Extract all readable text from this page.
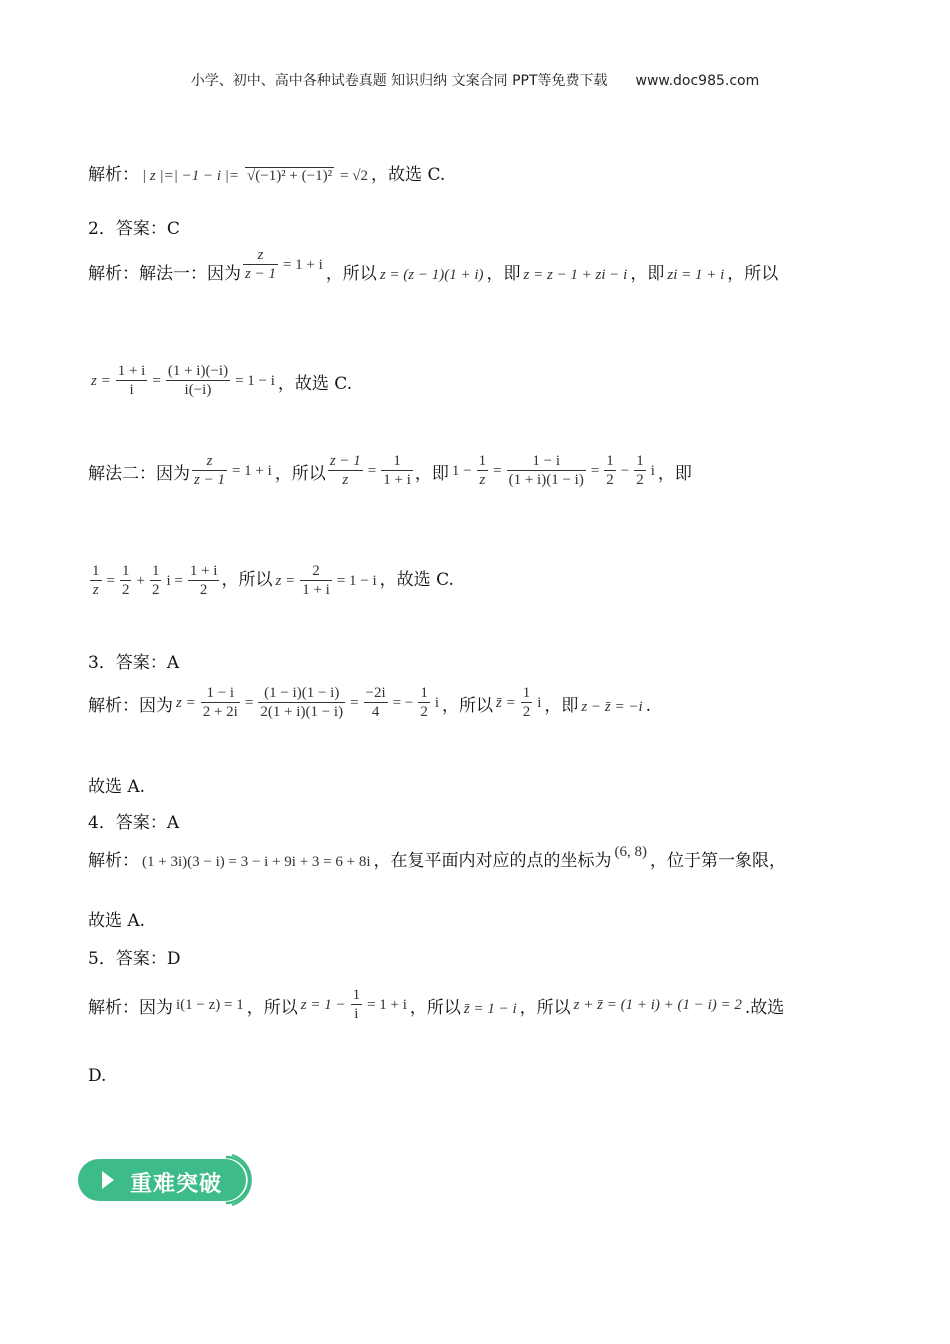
小学、初中、高中各种试卷真题 知识归纳 文案合同 PPT等免费下载 www.doc985.com
解析： | z |=| −1 − i |= √(−1)² + (−1)² = √2 ，故选 C.
2．答案：C
解析：解法一：因为 $\frac{z}{z - 1} = 1 + i$ ，所以 z = (z − 1)(1 + i) ，即 z = z − 1 + zi − i ，即 zi = 1 + i ，所以
$z = \frac{1 + i}{i} = \frac{(1 + i)(-i)}{i(-i)} = 1 - i$ ，故选 C.
解法二：因为 $\frac{z}{z - 1} = 1 + i$ ，所以 $\frac{z - 1}{z} = \frac{1}{1 + i}$ ，即 $1 - \frac{1}{z} = \frac{1 - i}{(1 + i)(1 - i)} = \frac{1}{2} - \frac{1}{2}$ i ，即
$\frac{1}{z} = \frac{1}{2} + \frac{1}{2}$ $i = \frac{1 + i}{2}$ ，所以 $z = \frac{2}{1 + i} = 1 - i$ ，故选 C.
3．答案：A
解析：因为 $z = \frac{1 - i}{2 + 2i} = \frac{(1 - i)(1 - i)}{2(1 + i)(1 - i)} = \frac{-2i}{4}$ = − $\frac{1}{2}$ i ，所以 z̄ = $\frac{1}{2}$ i ，即 z − z̄ = −i .
故选 A.
4．答案：A
解析： (1 + 3i)(3 − i) = 3 − i + 9i + 3 = 6 + 8i ，在复平面内对应的点的坐标为 (6, 8) ，位于第一象限，
故选 A.
5．答案：D
解析：因为 i(1 − z) = 1 ，所以 $z = 1 - \frac{1}{i} = 1 + i$ ，所以 z̄ = 1 − i ，所以 z + z̄ = (1 + i) + (1 − i) = 2 .故选
D.
重难突破
